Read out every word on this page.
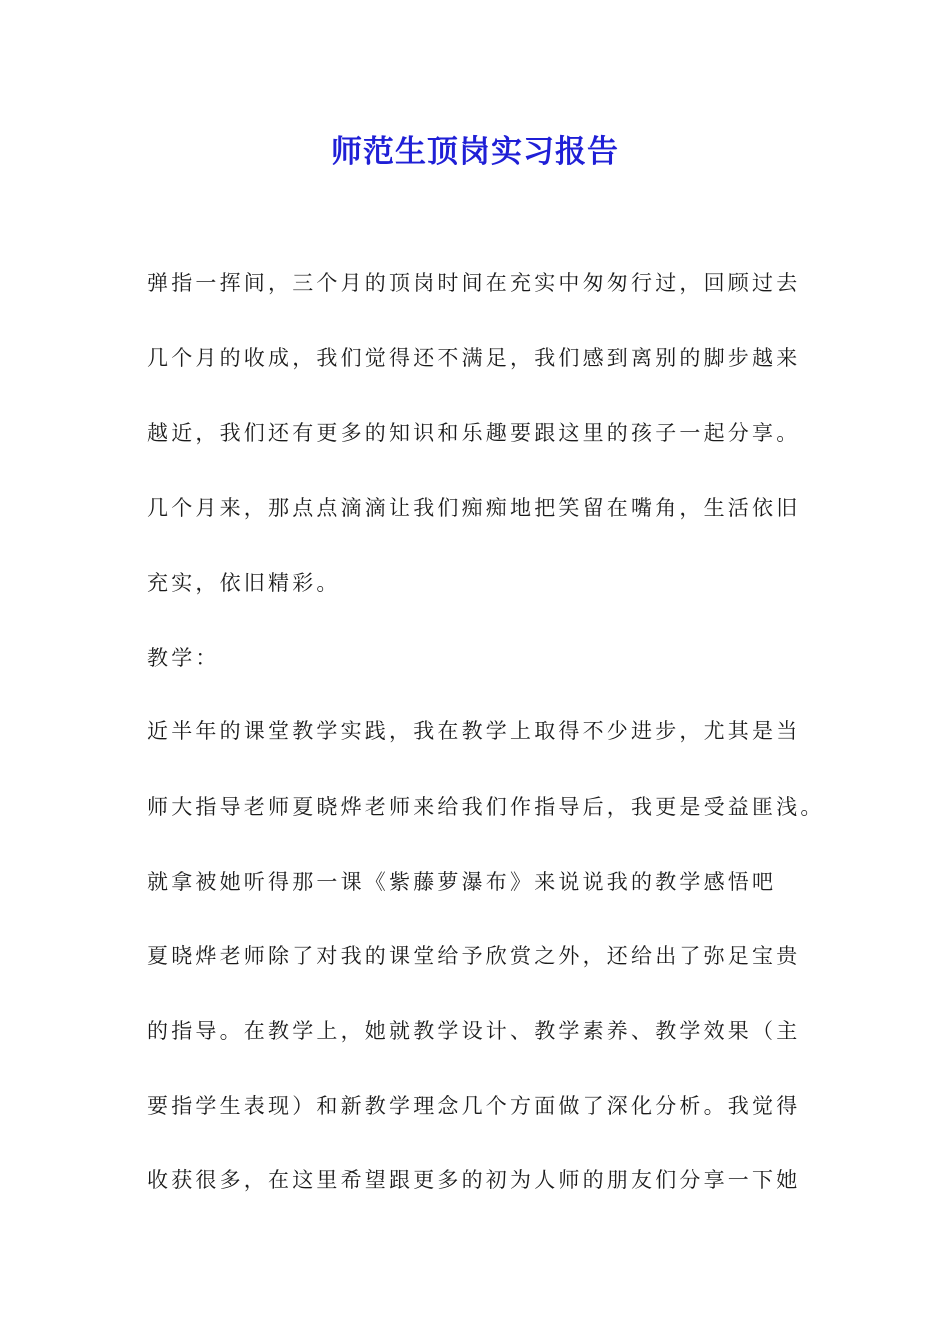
师范生顶岗实习报告

弹指一挥间，三个月的顶岗时间在充实中匆匆行过，回顾过去

几个月的收成，我们觉得还不满足，我们感到离别的脚步越来

越近，我们还有更多的知识和乐趣要跟这里的孩子一起分享。

几个月来，那点点滴滴让我们痴痴地把笑留在嘴角，生活依旧

充实，依旧精彩。

教学：

近半年的课堂教学实践，我在教学上取得不少进步，尤其是当

师大指导老师夏晓烨老师来给我们作指导后，我更是受益匪浅。

就拿被她听得那一课《紫藤萝瀑布》来说说我的教学感悟吧

夏晓烨老师除了对我的课堂给予欣赏之外，还给出了弥足宝贵

的指导。在教学上，她就教学设计、教学素养、教学效果（主

要指学生表现）和新教学理念几个方面做了深化分析。我觉得

收获很多，在这里希望跟更多的初为人师的朋友们分享一下她
